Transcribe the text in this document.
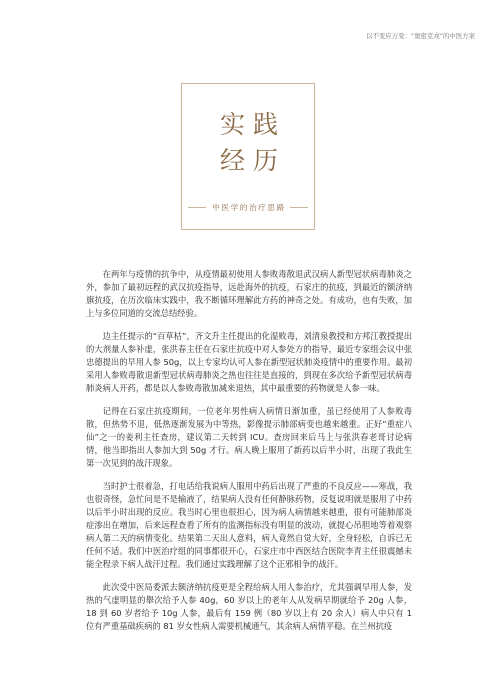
以不变应万变：“奥密克戎”的中医方案
实践
经历
中医学的治疗思路

在两年与疫情的抗争中，从疫情最初使用人参败毒散退武汉病人新型冠状病毒肺炎之外，参加了最初远程的武汉抗疫指导，远赴海外的抗疫，石家庄的抗疫，到最近的额济纳旗抗疫，在历次临床实践中，我不断循环理解此方药的神奇之处。有成功，也有失败，加上与多位同道的交流总结经验。

边主任提示的“百草枯”，齐文升主任提出的化湿败毒，刘清泉教授和方邦江教授提出的大剂量人参补虚，张洪春主任在石家庄抗疫中对人参处方的指导，最近专家组会议中张忠德提出的早用人参 50g，以上专家均认可人参在新型冠状肺炎疫情中的重要作用。最初采用人参败毒散退新型冠状病毒肺炎之热也往往是直接的，到现在多次给予新型冠状病毒肺炎病人开药，都是以人参败毒散加减来退热，其中最重要的药物就是人参一味。

记得在石家庄抗疫期间，一位老年男性病人病情日渐加重，虽已经使用了人参败毒散，但热势不退，低热逐渐发展为中等热，影像提示肺部病变也越来越重。正好“重症八仙”之一的姜利主任查房，建议第二天转到 ICU。查房回来后马上与张洪春老哥讨论病情，他当即指出人参加大到 50g 才行。病人晚上服用了新药以后半小时，出现了我此生第一次见到的战汗现象。

当时护士很着急，打电话给我说病人服用中药后出现了严重的不良反应——寒战，我也很奇怪，急忙问是不是输液了，结果病人没有任何静脉药物，反复说明就是服用了中药以后半小时出现的反应。我当时心里也很担心，因为病人病情越来越重，很有可能肺部炎症渗出在增加，后来远程查看了所有的监测指标没有明显的波动，就提心吊胆地等着观察病人第二天的病情变化。结果第二天出人意料，病人竟然自觉大好，全身轻松，自诉已无任何不适。我们中医治疗组的同事都很开心，石家庄市中西医结合医院李青主任很震撼未能全程录下病人战汗过程。我们通过实践理解了这个正邪相争的战汗。

此次受中医局委派去额济纳抗疫更是全程给病人用人参治疗，尤其强调早用人参，发热的气虚明显的舉次给予人参 40g，60 岁以上的老年人从发病早期就给予 20g 人参，18 到 60 岁者给予 10g 人参，最后有 159 例（80 岁以上有 20 余人）病人中只有 1 位有严重基础疾病的 81 岁女性病人需要机械通气，其余病人病情平稳。在兰州抗疫
